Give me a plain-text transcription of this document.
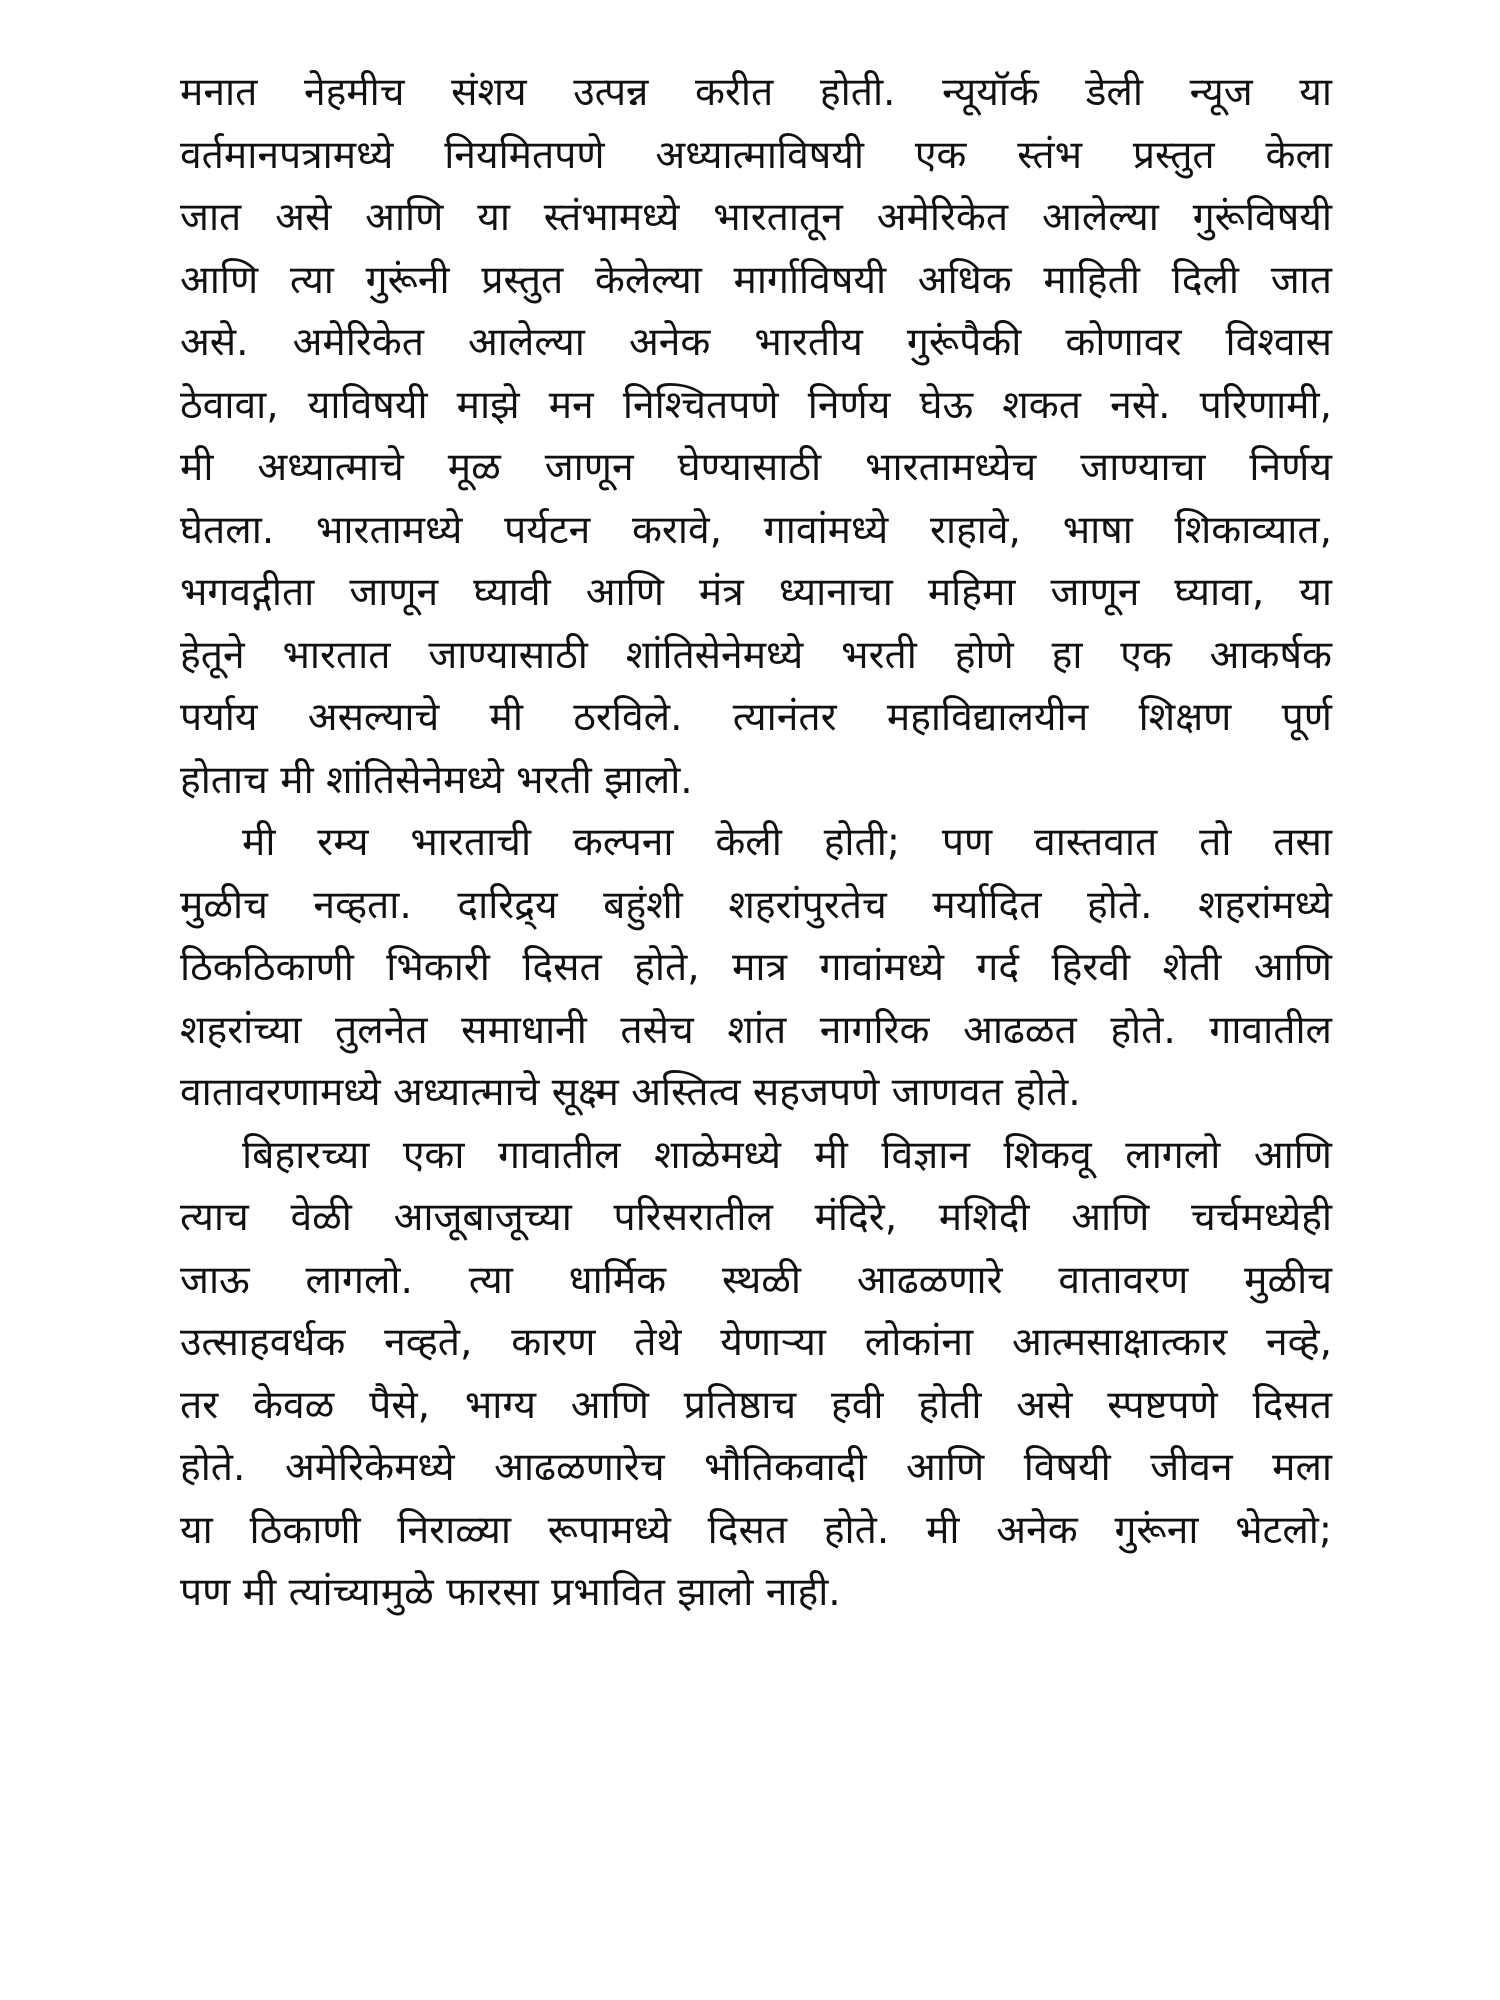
मनात नेहमीच संशय उत्पन्न करीत होती. न्यूयॉर्क डेली न्यूज या
वर्तमानपत्रामध्ये नियमितपणे अध्यात्माविषयी एक स्तंभ प्रस्तुत केला
जात असे आणि या स्तंभामध्ये भारतातून अमेरिकेत आलेल्या गुरूंविषयी
आणि त्या गुरूंनी प्रस्तुत केलेल्या मार्गाविषयी अधिक माहिती दिली जात
असे. अमेरिकेत आलेल्या अनेक भारतीय गुरूंपैकी कोणावर विश्वास
ठेवावा, याविषयी माझे मन निश्चितपणे निर्णय घेऊ शकत नसे. परिणामी,
मी अध्यात्माचे मूळ जाणून घेण्यासाठी भारतामध्येच जाण्याचा निर्णय
घेतला. भारतामध्ये पर्यटन करावे, गावांमध्ये राहावे, भाषा शिकाव्यात,
भगवद्गीता जाणून घ्यावी आणि मंत्र ध्यानाचा महिमा जाणून घ्यावा, या
हेतूने भारतात जाण्यासाठी शांतिसेनेमध्ये भरती होणे हा एक आकर्षक
पर्याय असल्याचे मी ठरविले. त्यानंतर महाविद्यालयीन शिक्षण पूर्ण
होताच मी शांतिसेनेमध्ये भरती झालो.
मी रम्य भारताची कल्पना केली होती; पण वास्तवात तो तसा
मुळीच नव्हता. दारिद्र्य बहुंशी शहरांपुरतेच मर्यादित होते. शहरांमध्ये
ठिकठिकाणी भिकारी दिसत होते, मात्र गावांमध्ये गर्द हिरवी शेती आणि
शहरांच्या तुलनेत समाधानी तसेच शांत नागरिक आढळत होते. गावातील
वातावरणामध्ये अध्यात्माचे सूक्ष्म अस्तित्व सहजपणे जाणवत होते.
बिहारच्या एका गावातील शाळेमध्ये मी विज्ञान शिकवू लागलो आणि
त्याच वेळी आजूबाजूच्या परिसरातील मंदिरे, मशिदी आणि चर्चमध्येही
जाऊ लागलो. त्या धार्मिक स्थळी आढळणारे वातावरण मुळीच
उत्साहवर्धक नव्हते, कारण तेथे येणाऱ्या लोकांना आत्मसाक्षात्कार नव्हे,
तर केवळ पैसे, भाग्य आणि प्रतिष्ठाच हवी होती असे स्पष्टपणे दिसत
होते. अमेरिकेमध्ये आढळणारेच भौतिकवादी आणि विषयी जीवन मला
या ठिकाणी निराळ्या रूपामध्ये दिसत होते. मी अनेक गुरूंना भेटलो;
पण मी त्यांच्यामुळे फारसा प्रभावित झालो नाही.
